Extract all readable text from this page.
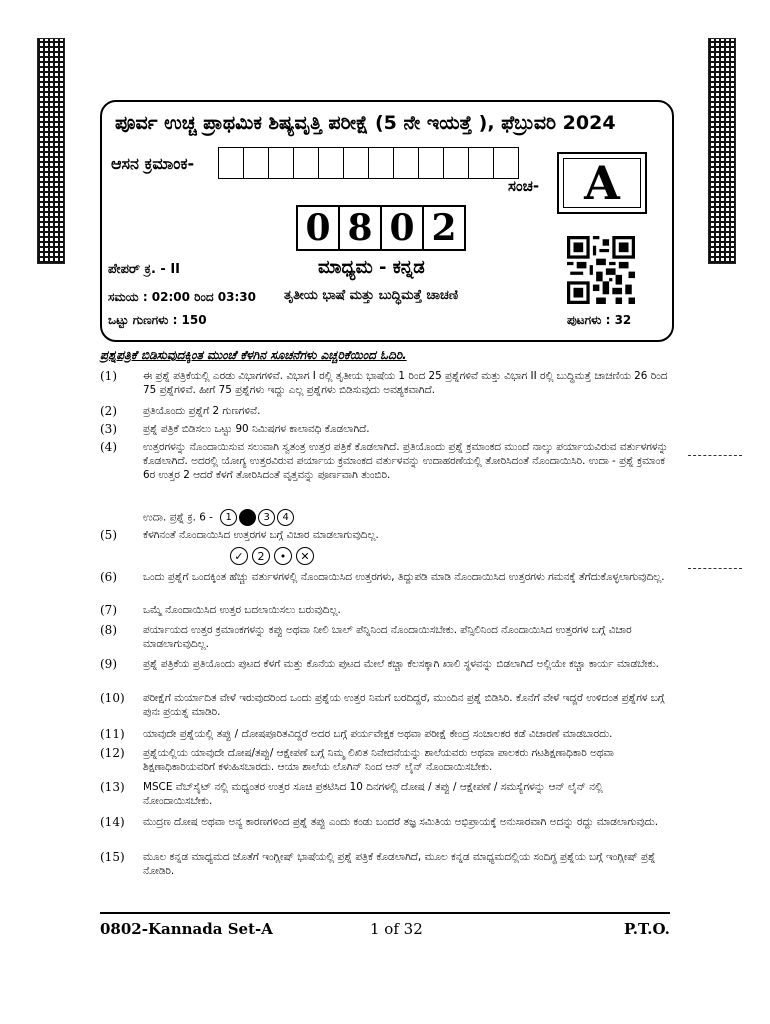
ಪೂರ್ವ ಉಚ್ಚ ಪ್ರಾಥಮಿಕ ಶಿಷ್ಯವೃತ್ತಿ ಪರೀಕ್ಷೆ (5 ನೇ ಇಯತ್ತೆ ), ಫೆಬ್ರುವರಿ 2024
ಆಸನ ಕ್ರಮಾಂಕ-
ಸಂಚ- A
0 8 0 2
ಪೇಪರ್ ಕ್ರ. - II	ಮಾಧ್ಯಮ - ಕನ್ನಡ
ಸಮಯ : 02:00 ರಿಂದ 03:30 ತೃತೀಯ ಭಾಷೆ ಮತ್ತು ಬುದ್ಧಿಮತ್ತೆ ಚಾಚಣಿ
ಒಟ್ಟು ಗುಣಗಳು : 150	ಪುಟಗಳು : 32
ಪ್ರಶ್ನಪತ್ರಿಕೆ ಬಿಡಿಸುವುದಕ್ಕಿಂತ ಮುಂಚೆ ಕೆಳಗಿನ ಸೂಚನೆಗಳು ಎಚ್ಚರಿಕೆಯಿಂದ ಓದಿರಿ.
(1)	ಈ ಪ್ರಶ್ನೆ ಪತ್ರಿಕೆಯಲ್ಲಿ ಎರಡು ವಿಭಾಗಗಳಿವೆ. ವಿಭಾಗ I ರಲ್ಲಿ ತೃತೀಯ ಭಾಷೆಯ 1 ರಿಂದ 25 ಪ್ರಶ್ನೆಗಳಿವೆ ಮತ್ತು ವಿಭಾಗ II ರಲ್ಲಿ ಬುದ್ಧಿಮತ್ತೆ ಚಾಚಣಿಯ 26 ರಿಂದ 75 ಪ್ರಶ್ನೆಗಳಿವೆ. ಹೀಗೆ 75 ಪ್ರಶ್ನೆಗಳು ಇದ್ದು ಎಲ್ಲ ಪ್ರಶ್ನೆಗಳು ಬಿಡಿಸುವುದು ಅವಶ್ಯಕವಾಗಿದೆ.
(2)	ಪ್ರತಿಯೊಂದು ಪ್ರಶ್ನೆಗೆ 2 ಗುಣಗಳಿವೆ.
(3)	ಪ್ರಶ್ನೆ ಪತ್ರಿಕೆ ಬಿಡಿಸಲು ಒಟ್ಟು 90 ನಿಮಿಷಗಳ ಕಾಲಾವಧಿ ಕೊಡಲಾಗಿದೆ.
(4)	ಉತ್ತರಗಳನ್ನು ನೊಂದಾಯಿಸುವ ಸಲುವಾಗಿ ಸ್ವತಂತ್ರ ಉತ್ತರ ಪತ್ರಿಕೆ ಕೊಡಲಾಗಿದೆ. ಪ್ರತಿಯೊಂದು ಪ್ರಶ್ನೆ ಕ್ರಮಾಂಕದ ಮುಂದೆ ನಾಲ್ಕು ಪರ್ಯಾಯವಿರುವ ವರ್ತುಳಗಳನ್ನು ಕೊಡಲಾಗಿದೆ. ಅದರಲ್ಲಿ ಯೋಗ್ಯ ಉತ್ತರವಿರುವ ಪರ್ಯಾಯ ಕ್ರಮಾಂಕದ ವರ್ತುಳವನ್ನು ಉದಾಹರಣೆಯಲ್ಲಿ ತೋರಿಸಿದಂತೆ ನೊಂದಾಯಿಸಿರಿ. ಉದಾ - ಪ್ರಶ್ನೆ ಕ್ರಮಾಂಕ 6ರ ಉತ್ತರ 2 ಆದರೆ ಕೆಳಗೆ ತೋರಿಸಿದಂತೆ ವೃತ್ತವನ್ನು ಪೂರ್ಣವಾಗಿ ತುಂಬಿರಿ.
ಉದಾ. ಪ್ರಶ್ನೆ ಕ್ರ. 6 -	1	3	4
(5)	ಕೆಳಗಿನಂತೆ ನೊಂದಾಯಿಸಿದ ಉತ್ತರಗಳ ಬಗ್ಗೆ ವಿಚಾರ ಮಾಡಲಾಗುವುದಿಲ್ಲ.
✓	2	•	✕
(6)	ಒಂದು ಪ್ರಶ್ನೆಗೆ ಒಂದಕ್ಕಿಂತ ಹೆಚ್ಚು ವರ್ತುಳಗಳಲ್ಲಿ ನೊಂದಾಯಿಸಿದ ಉತ್ತರಗಳು, ತಿದ್ದುಪಡಿ ಮಾಡಿ ನೊಂದಾಯಿಸಿದ ಉತ್ತರಗಳು ಗಮನಕ್ಕೆ ತೆಗೆದುಕೊಳ್ಳಲಾಗುವುದಿಲ್ಲ.
(7)	ಒಮ್ಮೆ ನೊಂದಾಯಿಸಿದ ಉತ್ತರ ಬದಲಾಯಿಸಲು ಬರುವುದಿಲ್ಲ.
(8)	ಪರ್ಯಾಯದ ಉತ್ತರ ಕ್ರಮಾಂಕಗಳನ್ನು ಕಪ್ಪು ಅಥವಾ ನೀಲಿ ಬಾಲ್ ಪೆನ್ನಿನಿಂದ ನೊಂದಾಯಿಸಬೇಕು. ಪೆನ್ಸಿಲಿನಿಂದ ನೊಂದಾಯಿಸಿದ ಉತ್ತರಗಳ ಬಗ್ಗೆ ವಿಚಾರ ಮಾಡಲಾಗುವುದಿಲ್ಲ.
(9)	ಪ್ರಶ್ನೆ ಪತ್ರಿಕೆಯ ಪ್ರತಿಯೊಂದು ಪುಟದ ಕೆಳಗೆ ಮತ್ತು ಕೊನೆಯ ಪುಟದ ಮೇಲೆ ಕಚ್ಚಾ ಕೆಲಸಕ್ಕಾಗಿ ಖಾಲಿ ಸ್ಥಳವನ್ನು ಬಿಡಲಾಗಿದೆ ಅಲ್ಲಿಯೇ ಕಚ್ಚಾ ಕಾರ್ಯ ಮಾಡಬೇಕು.
(10) ಪರೀಕ್ಷೆಗೆ ಮರ್ಯಾದಿತ ವೇಳೆ ಇರುವುದರಿಂದ ಒಂದು ಪ್ರಶ್ನೆಯ ಉತ್ತರ ನಿಮಗೆ ಬರದಿದ್ದರೆ, ಮುಂದಿನ ಪ್ರಶ್ನೆ ಬಿಡಿಸಿರಿ. ಕೊನೆಗೆ ವೇಳೆ ಇದ್ದರೆ ಉಳಿದಂತ ಪ್ರಶ್ನೆಗಳ ಬಗ್ಗೆ ಪುನಃ ಪ್ರಯತ್ನ ಮಾಡಿರಿ.
(11) ಯಾವುದೇ ಪ್ರಶ್ನೆಯಲ್ಲಿ ತಪ್ಪು / ದೋಷಪೂರಿತವಿದ್ದರೆ ಅದರ ಬಗ್ಗೆ ಪರ್ಯವೇಕ್ಷಕ ಅಥವಾ ಪರೀಕ್ಷೆ ಕೇಂದ್ರ ಸಂಚಾಲಕರ ಕಡೆ ವಿಚಾರಣೆ ಮಾಡಬಾರದು.
(12) ಪ್ರಶ್ನೆಯಲ್ಲಿಯ ಯಾವುದೇ ದೋಷ/ತಪ್ಪು/ ಆಕ್ಷೇಪಣೆ ಬಗ್ಗೆ ನಿಮ್ಮ ಲಿಖಿತ ನಿವೇದನೆಯನ್ನು ಶಾಲೆಯವರು ಅಥವಾ ಪಾಲಕರು ಗಟಶಿಕ್ಷಣಾಧಿಕಾರಿ ಅಥವಾ ಶಿಕ್ಷಣಾಧಿಕಾರಿಯವರಿಗೆ ಕಳುಹಿಸಬಾರದು. ಆಯಾ ಶಾಲೆಯ ಲೊಗಿನ್ ನಿಂದ ಆನ್ ಲೈನ್ ನೊಂದಾಯಿಸಬೇಕು.
(13) MSCE ವೆಬ್‌ಸೈಟ್ ನಲ್ಲಿ ಮಧ್ಯಂತರ ಉತ್ತರ ಸೂಚಿ ಪ್ರಕಟಿಸಿದ 10 ದಿನಗಳಲ್ಲಿ ದೋಷ / ತಪ್ಪು / ಆಕ್ಷೇಪಣೆ / ಸಮಸ್ಯೆಗಳನ್ನು ಆನ್ ಲೈನ್ ನಲ್ಲಿ ನೋಂದಾಯಿಸಬೇಕು.
(14) ಮುದ್ರಣ ದೋಷ ಅಥವಾ ಅನ್ಯ ಕಾರಣಗಳಿಂದ ಪ್ರಶ್ನೆ ತಪ್ಪು ಎಂದು ಕಂಡು ಬಂದರೆ ತಜ್ಞ ಸಮಿತಿಯ ಅಭಿಪ್ರಾಯಕ್ಕೆ ಅನುಸಾರವಾಗಿ ಅದನ್ನು ರದ್ದು ಮಾಡಲಾಗುವುದು.
(15) ಮೂಲ ಕನ್ನಡ ಮಾಧ್ಯಮದ ಜೊತೆಗೆ ಇಂಗ್ಲೀಷ್ ಭಾಷೆಯಲ್ಲಿ ಪ್ರಶ್ನೆ ಪತ್ರಿಕೆ ಕೊಡಲಾಗಿದೆ, ಮೂಲ ಕನ್ನಡ ಮಾಧ್ಯಮದಲ್ಲಿಯ ಸಂದಿಗ್ಧ ಪ್ರಶ್ನೆಯ ಬಗ್ಗೆ ಇಂಗ್ಲೀಷ್ ಪ್ರಶ್ನೆ ನೋಡಿರಿ.
0802-Kannada Set-A	1 of 32	P.T.O.
